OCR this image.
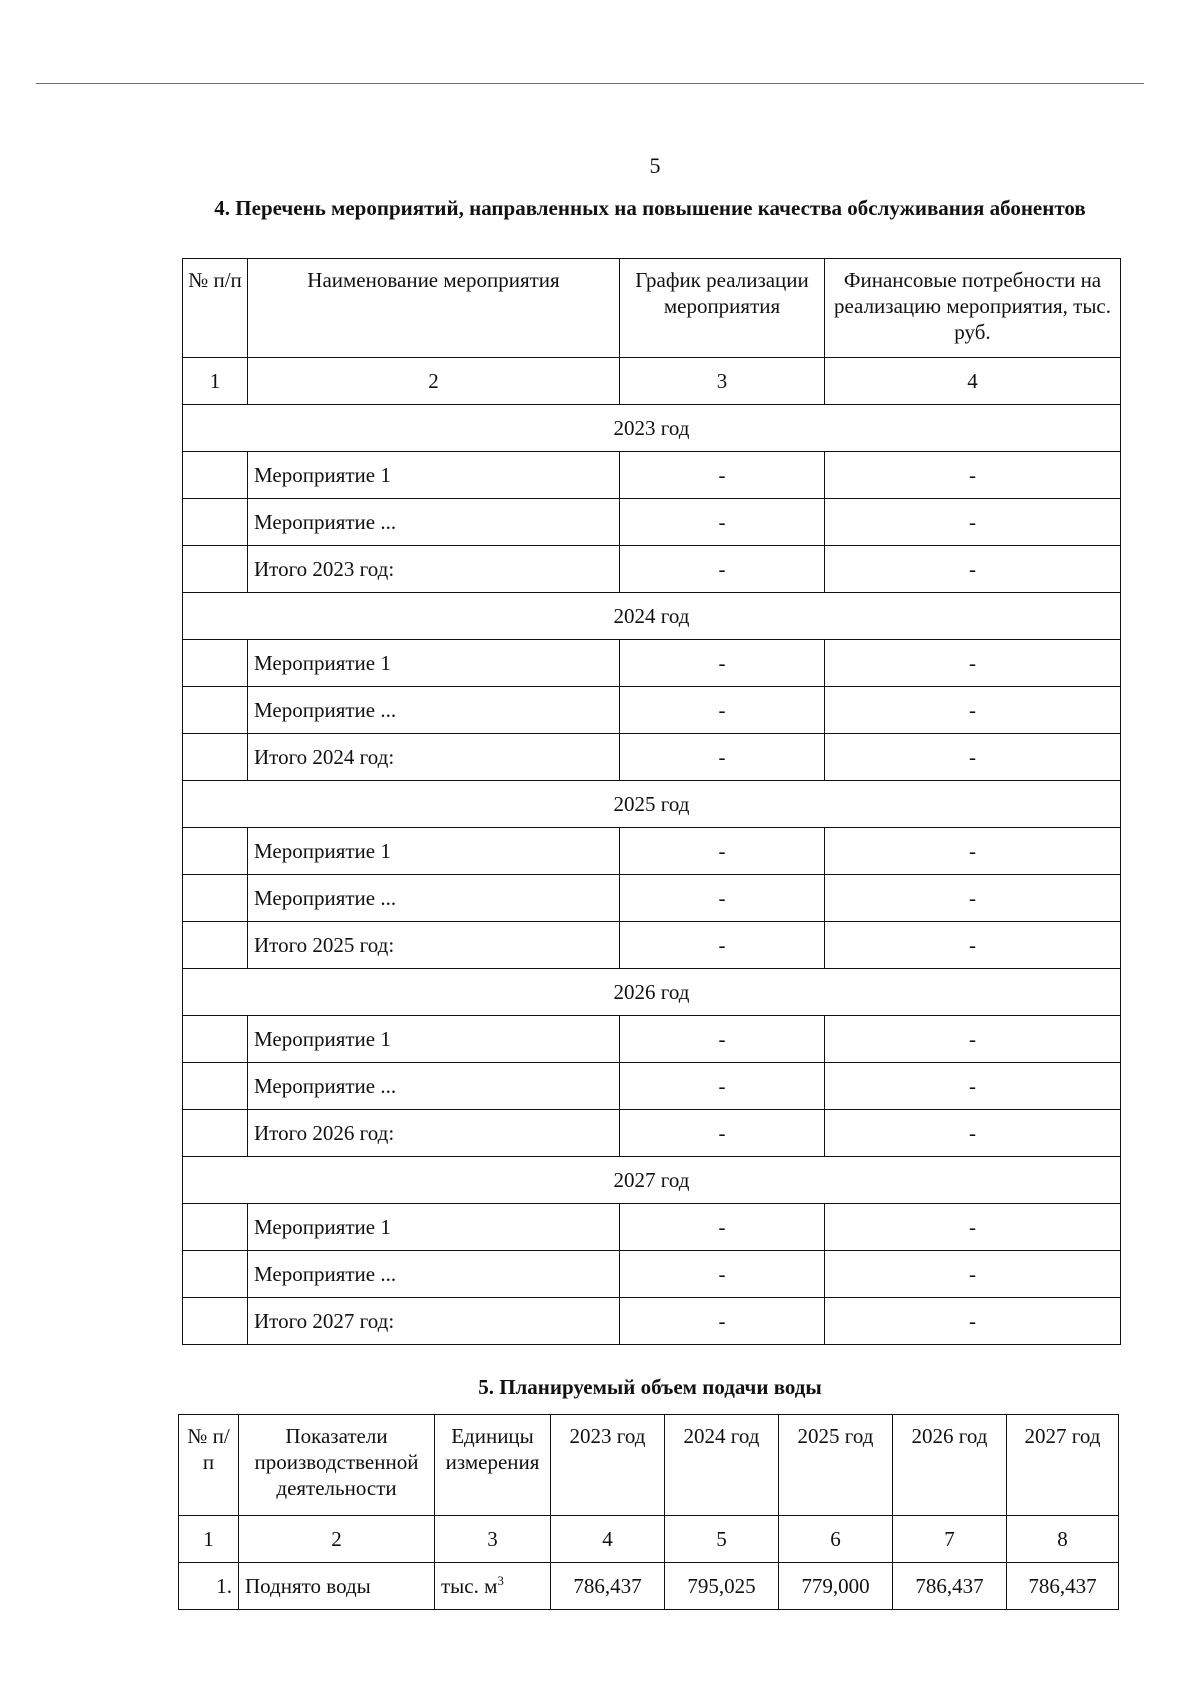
5
4. Перечень мероприятий, направленных на повышение качества обслуживания абонентов
№ п/п	Наименование мероприятия	График реализации мероприятия	Финансовые потребности на реализацию мероприятия, тыс. руб.
1	2	3	4
2023 год			
	Мероприятие 1	-	-
	Мероприятие ...	-	-
	Итого 2023 год:	-	-
2024 год			
	Мероприятие 1	-	-
	Мероприятие ...	-	-
	Итого 2024 год:	-	-
2025 год			
	Мероприятие 1	-	-
	Мероприятие ...	-	-
	Итого 2025 год:	-	-
2026 год			
	Мероприятие 1	-	-
	Мероприятие ...	-	-
	Итого 2026 год:	-	-
2027 год			
	Мероприятие 1	-	-
	Мероприятие ...	-	-
	Итого 2027 год:	-	-
5. Планируемый объем подачи воды
№ п/п	Показатели производственной деятельности	Единицы измерения	2023 год	2024 год	2025 год	2026 год	2027 год
1	2	3	4	5	6	7	8
1.	Поднято воды	тыс. $м^3$	786,437	795,025	779,000	786,437	786,437
